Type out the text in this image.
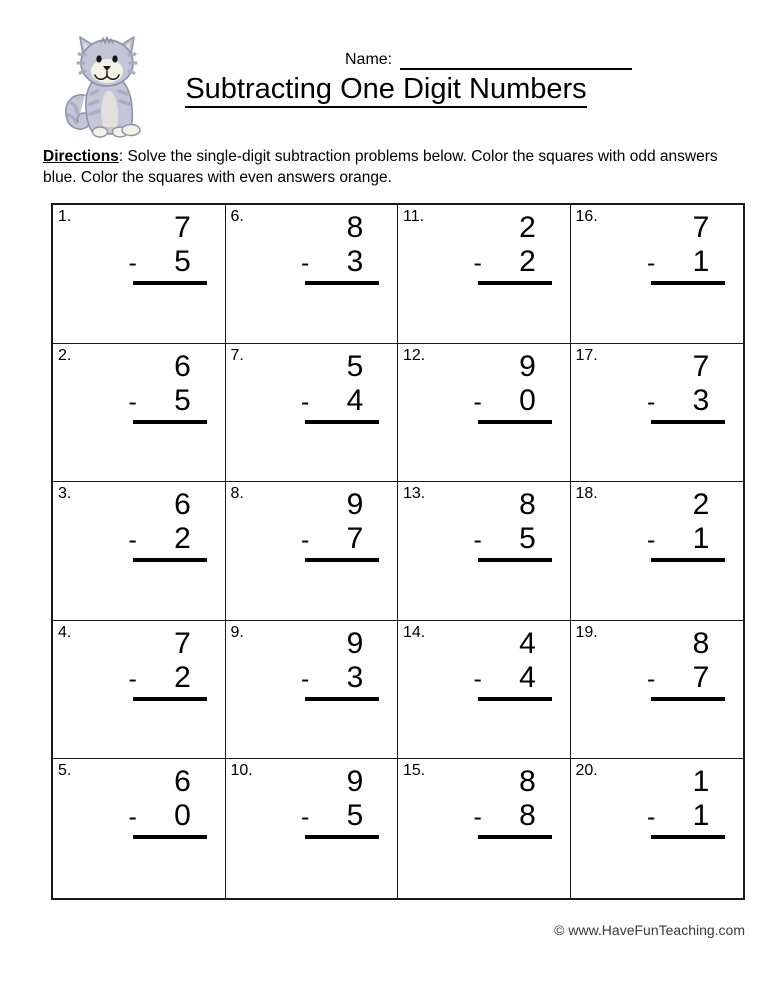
Name:
Subtracting One Digit Numbers
Directions: Solve the single-digit subtraction problems below. Color the squares with odd answers blue. Color the squares with even answers orange.
1.	7
-	5
6.	8
-	3
11.	2
-	2
16.	7
-	1
2.	6
-	5
7.	5
-	4
12.	9
-	0
17.	7
-	3
3.	6
-	2
8.	9
-	7
13.	8
-	5
18.	2
-	1
4.	7
-	2
9.	9
-	3
14.	4
-	4
19.	8
-	7
5.	6
-	0
10.	9
-	5
15.	8
-	8
20.	1
-	1
© www.HaveFunTeaching.com
